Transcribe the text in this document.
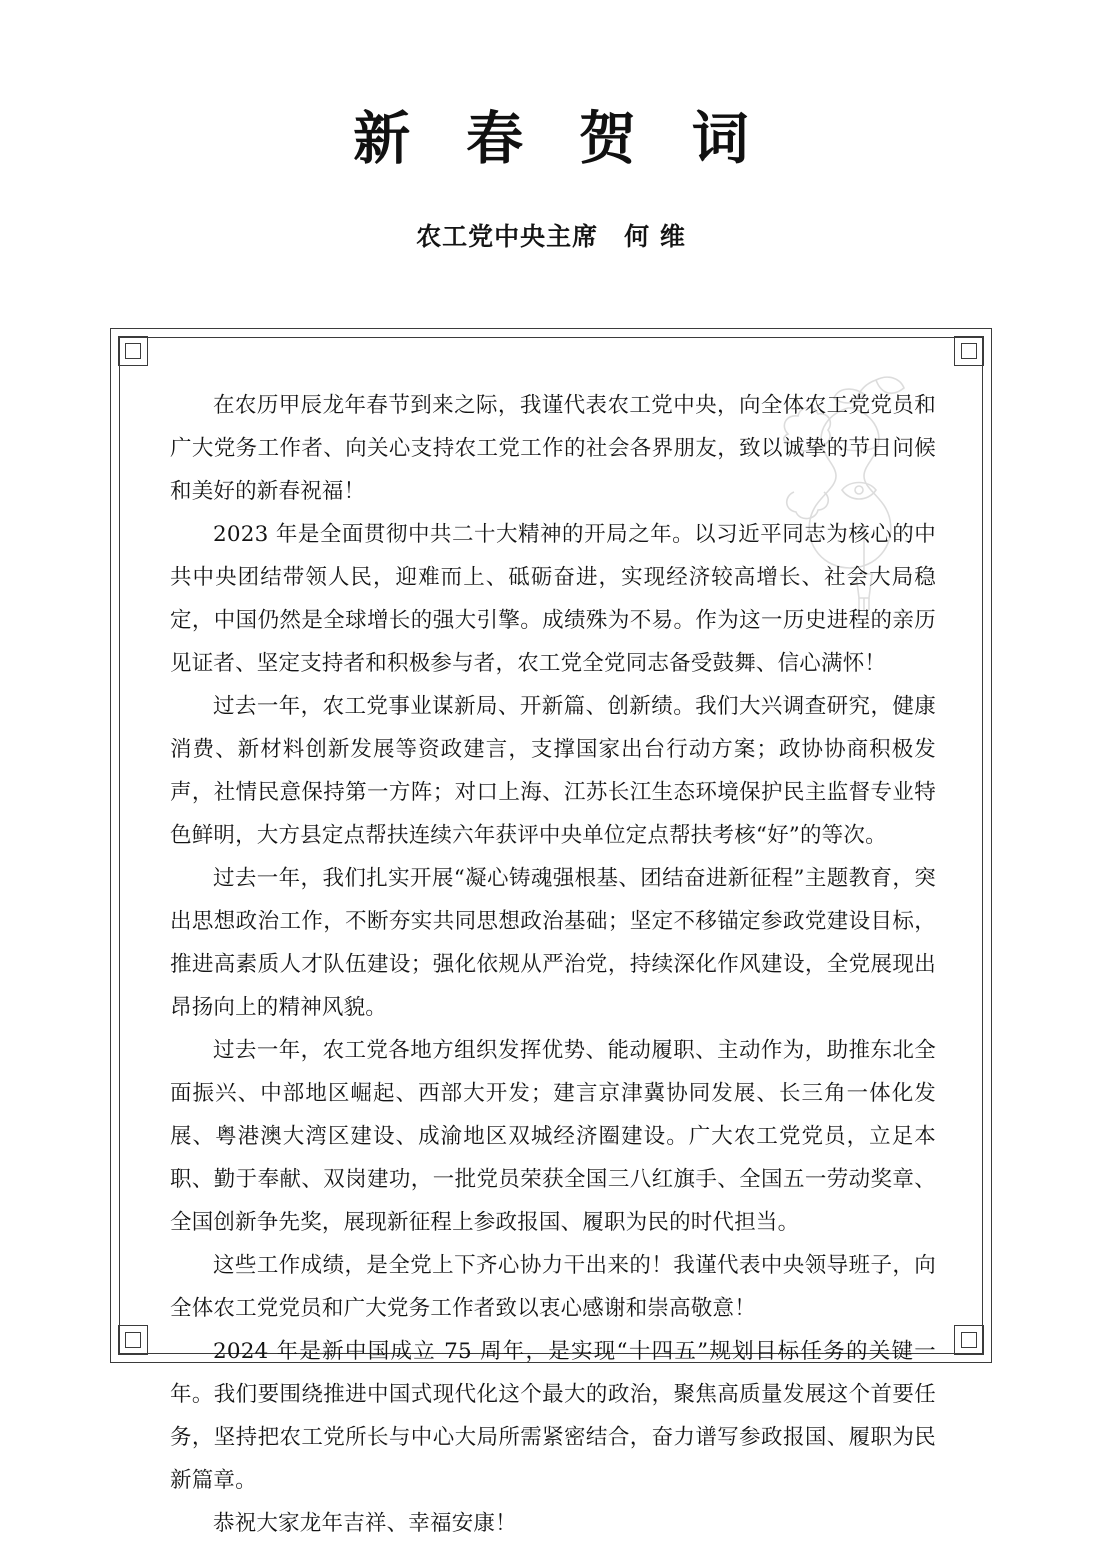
新 春 贺 词
农工党中央主席　何 维

在农历甲辰龙年春节到来之际，我谨代表农工党中央，向全体农工党党员和广大党务工作者、向关心支持农工党工作的社会各界朋友，致以诚挚的节日问候和美好的新春祝福！

2023 年是全面贯彻中共二十大精神的开局之年。以习近平同志为核心的中共中央团结带领人民，迎难而上、砥砺奋进，实现经济较高增长、社会大局稳定，中国仍然是全球增长的强大引擎。成绩殊为不易。作为这一历史进程的亲历见证者、坚定支持者和积极参与者，农工党全党同志备受鼓舞、信心满怀！

过去一年，农工党事业谋新局、开新篇、创新绩。我们大兴调查研究，健康消费、新材料创新发展等资政建言，支撑国家出台行动方案；政协协商积极发声，社情民意保持第一方阵；对口上海、江苏长江生态环境保护民主监督专业特色鲜明，大方县定点帮扶连续六年获评中央单位定点帮扶考核“好”的等次。

过去一年，我们扎实开展“凝心铸魂强根基、团结奋进新征程”主题教育，突出思想政治工作，不断夯实共同思想政治基础；坚定不移锚定参政党建设目标，推进高素质人才队伍建设；强化依规从严治党，持续深化作风建设，全党展现出昂扬向上的精神风貌。

过去一年，农工党各地方组织发挥优势、能动履职、主动作为，助推东北全面振兴、中部地区崛起、西部大开发；建言京津冀协同发展、长三角一体化发展、粤港澳大湾区建设、成渝地区双城经济圈建设。广大农工党党员，立足本职、勤于奉献、双岗建功，一批党员荣获全国三八红旗手、全国五一劳动奖章、全国创新争先奖，展现新征程上参政报国、履职为民的时代担当。

这些工作成绩，是全党上下齐心协力干出来的！我谨代表中央领导班子，向全体农工党党员和广大党务工作者致以衷心感谢和崇高敬意！

2024 年是新中国成立 75 周年，是实现“十四五”规划目标任务的关键一年。我们要围绕推进中国式现代化这个最大的政治，聚焦高质量发展这个首要任务，坚持把农工党所长与中心大局所需紧密结合，奋力谱写参政报国、履职为民新篇章。

恭祝大家龙年吉祥、幸福安康！
